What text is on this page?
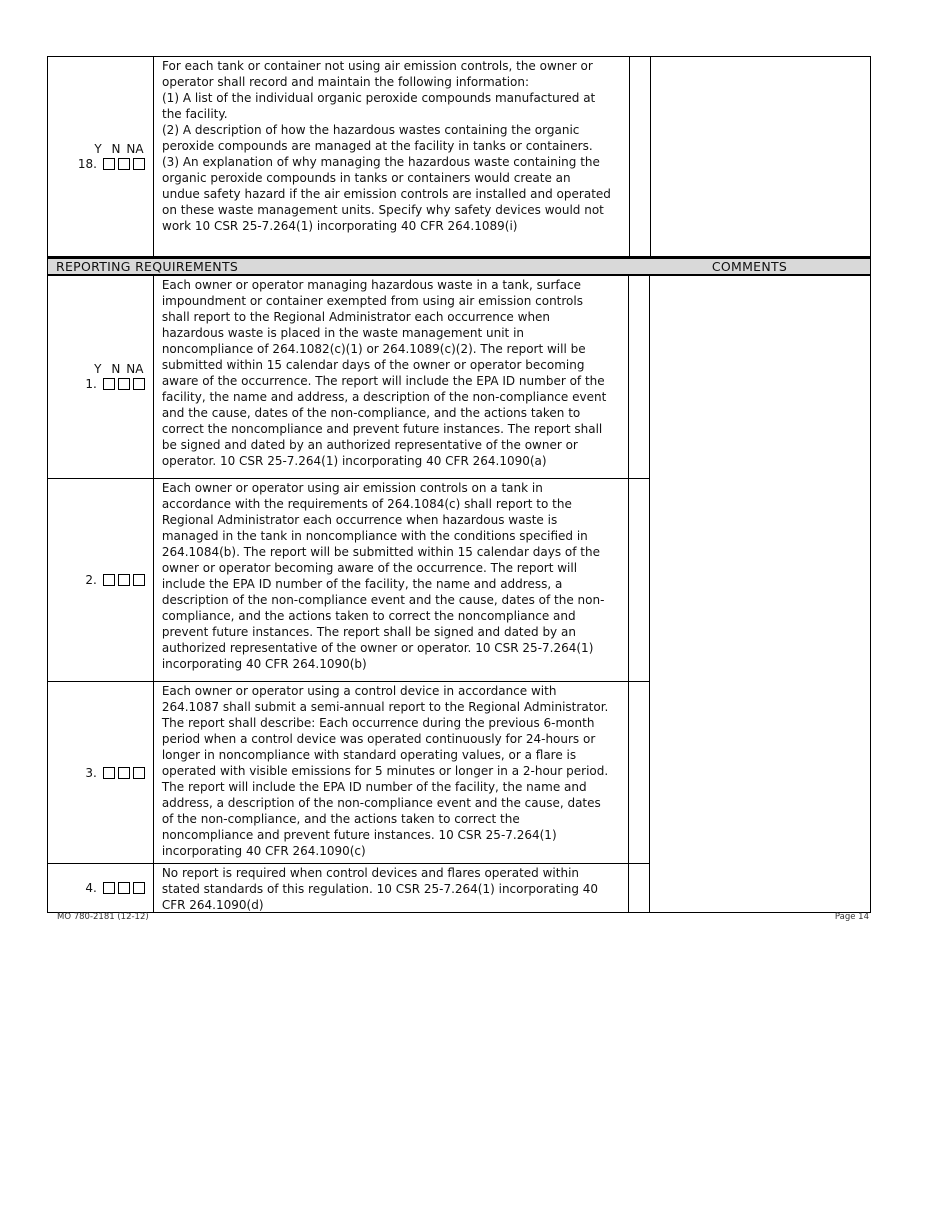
Y N NA
18.
For each tank or container not using air emission controls, the owner or
operator shall record and maintain the following information:
(1) A list of the individual organic peroxide compounds manufactured at
the facility.
(2) A description of how the hazardous wastes containing the organic
peroxide compounds are managed at the facility in tanks or containers.
(3) An explanation of why managing the hazardous waste containing the
organic peroxide compounds in tanks or containers would create an
undue safety hazard if the air emission controls are installed and operated
on these waste management units. Specify why safety devices would not
work 10 CSR 25-7.264(1) incorporating 40 CFR 264.1089(i)
REPORTING REQUIREMENTS	COMMENTS
Y N NA
1.
Each owner or operator managing hazardous waste in a tank, surface
impoundment or container exempted from using air emission controls
shall report to the Regional Administrator each occurrence when
hazardous waste is placed in the waste management unit in
noncompliance of 264.1082(c)(1) or 264.1089(c)(2). The report will be
submitted within 15 calendar days of the owner or operator becoming
aware of the occurrence. The report will include the EPA ID number of the
facility, the name and address, a description of the non-compliance event
and the cause, dates of the non-compliance, and the actions taken to
correct the noncompliance and prevent future instances. The report shall
be signed and dated by an authorized representative of the owner or
operator. 10 CSR 25-7.264(1) incorporating 40 CFR 264.1090(a)
2.
Each owner or operator using air emission controls on a tank in
accordance with the requirements of 264.1084(c) shall report to the
Regional Administrator each occurrence when hazardous waste is
managed in the tank in noncompliance with the conditions specified in
264.1084(b). The report will be submitted within 15 calendar days of the
owner or operator becoming aware of the occurrence. The report will
include the EPA ID number of the facility, the name and address, a
description of the non-compliance event and the cause, dates of the non-
compliance, and the actions taken to correct the noncompliance and
prevent future instances. The report shall be signed and dated by an
authorized representative of the owner or operator. 10 CSR 25-7.264(1)
incorporating 40 CFR 264.1090(b)
3.
Each owner or operator using a control device in accordance with
264.1087 shall submit a semi-annual report to the Regional Administrator.
The report shall describe: Each occurrence during the previous 6-month
period when a control device was operated continuously for 24-hours or
longer in noncompliance with standard operating values, or a flare is
operated with visible emissions for 5 minutes or longer in a 2-hour period.
The report will include the EPA ID number of the facility, the name and
address, a description of the non-compliance event and the cause, dates
of the non-compliance, and the actions taken to correct the
noncompliance and prevent future instances. 10 CSR 25-7.264(1)
incorporating 40 CFR 264.1090(c)
4.
No report is required when control devices and flares operated within
stated standards of this regulation. 10 CSR 25-7.264(1) incorporating 40
CFR 264.1090(d)
MO 780-2181 (12-12)	Page 14
